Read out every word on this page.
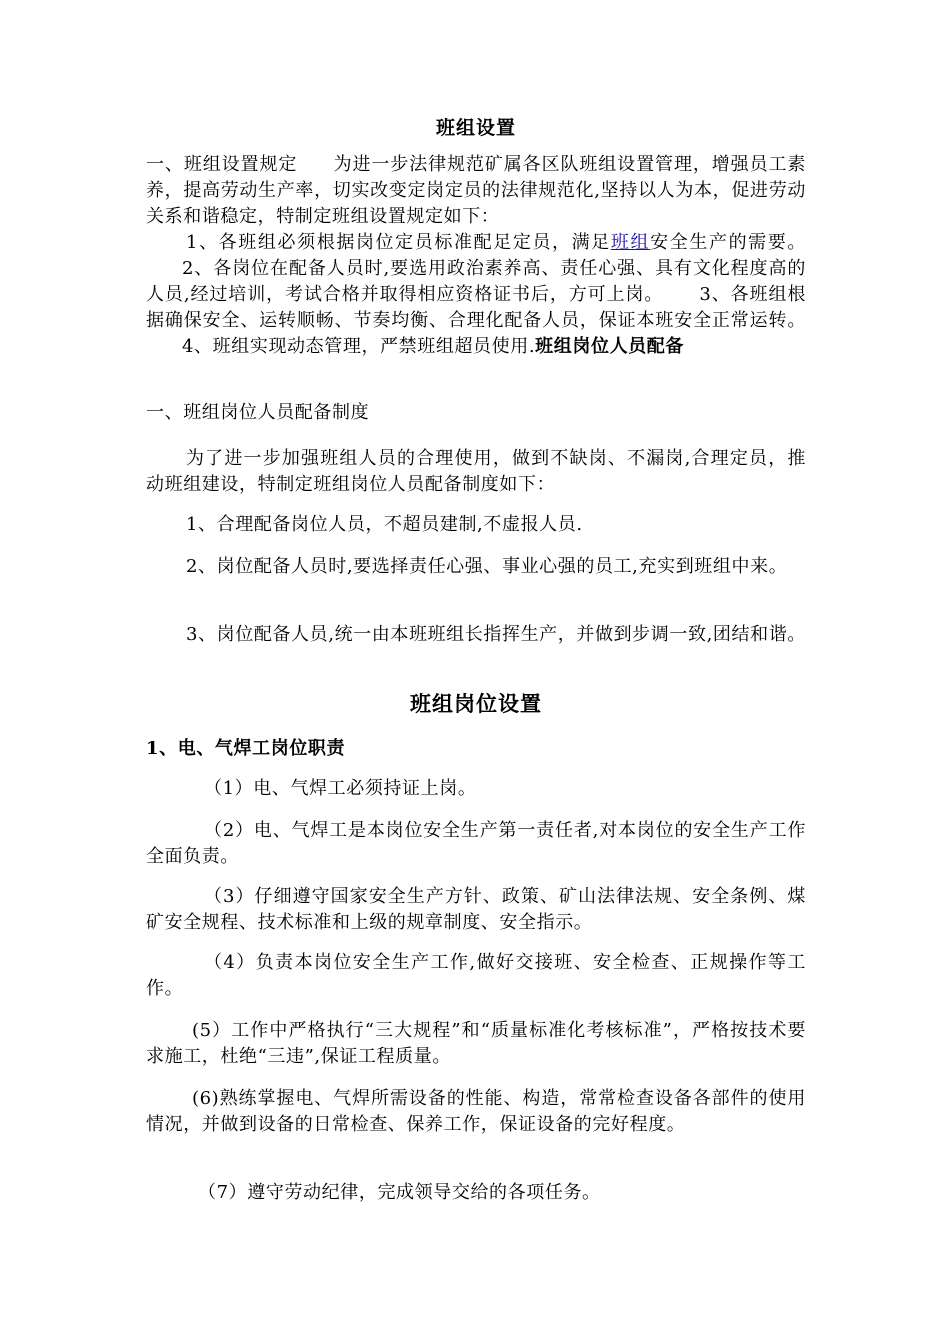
班组设置
一、班组设置规定 为进一步法律规范矿属各区队班组设置管理，增强员工素养，提高劳动生产率，切实改变定岗定员的法律规范化,坚持以人为本，促进劳动关系和谐稳定，特制定班组设置规定如下：
1、各班组必须根据岗位定员标准配足定员，满足班组安全生产的需要。2、各岗位在配备人员时,要选用政治素养高、责任心强、具有文化程度高的人员,经过培训，考试合格并取得相应资格证书后，方可上岗。 3、各班组根据确保安全、运转顺畅、节奏均衡、合理化配备人员，保证本班安全正常运转。4、班组实现动态管理，严禁班组超员使用.班组岗位人员配备
一、班组岗位人员配备制度
为了进一步加强班组人员的合理使用，做到不缺岗、不漏岗,合理定员，推动班组建设，特制定班组岗位人员配备制度如下：
1、合理配备岗位人员，不超员建制,不虚报人员.
2、岗位配备人员时,要选择责任心强、事业心强的员工,充实到班组中来。
3、岗位配备人员,统一由本班班组长指挥生产，并做到步调一致,团结和谐。
班组岗位设置
1、电、气焊工岗位职责
（1）电、气焊工必须持证上岗。
（2）电、气焊工是本岗位安全生产第一责任者,对本岗位的安全生产工作全面负责。
（3）仔细遵守国家安全生产方针、政策、矿山法律法规、安全条例、煤矿安全规程、技术标准和上级的规章制度、安全指示。
（4）负责本岗位安全生产工作,做好交接班、安全检查、正规操作等工作。
(5）工作中严格执行“三大规程”和“质量标准化考核标准”，严格按技术要求施工，杜绝“三违”,保证工程质量。
(6)熟练掌握电、气焊所需设备的性能、构造，常常检查设备各部件的使用情况，并做到设备的日常检查、保养工作，保证设备的完好程度。
（7）遵守劳动纪律，完成领导交给的各项任务。
